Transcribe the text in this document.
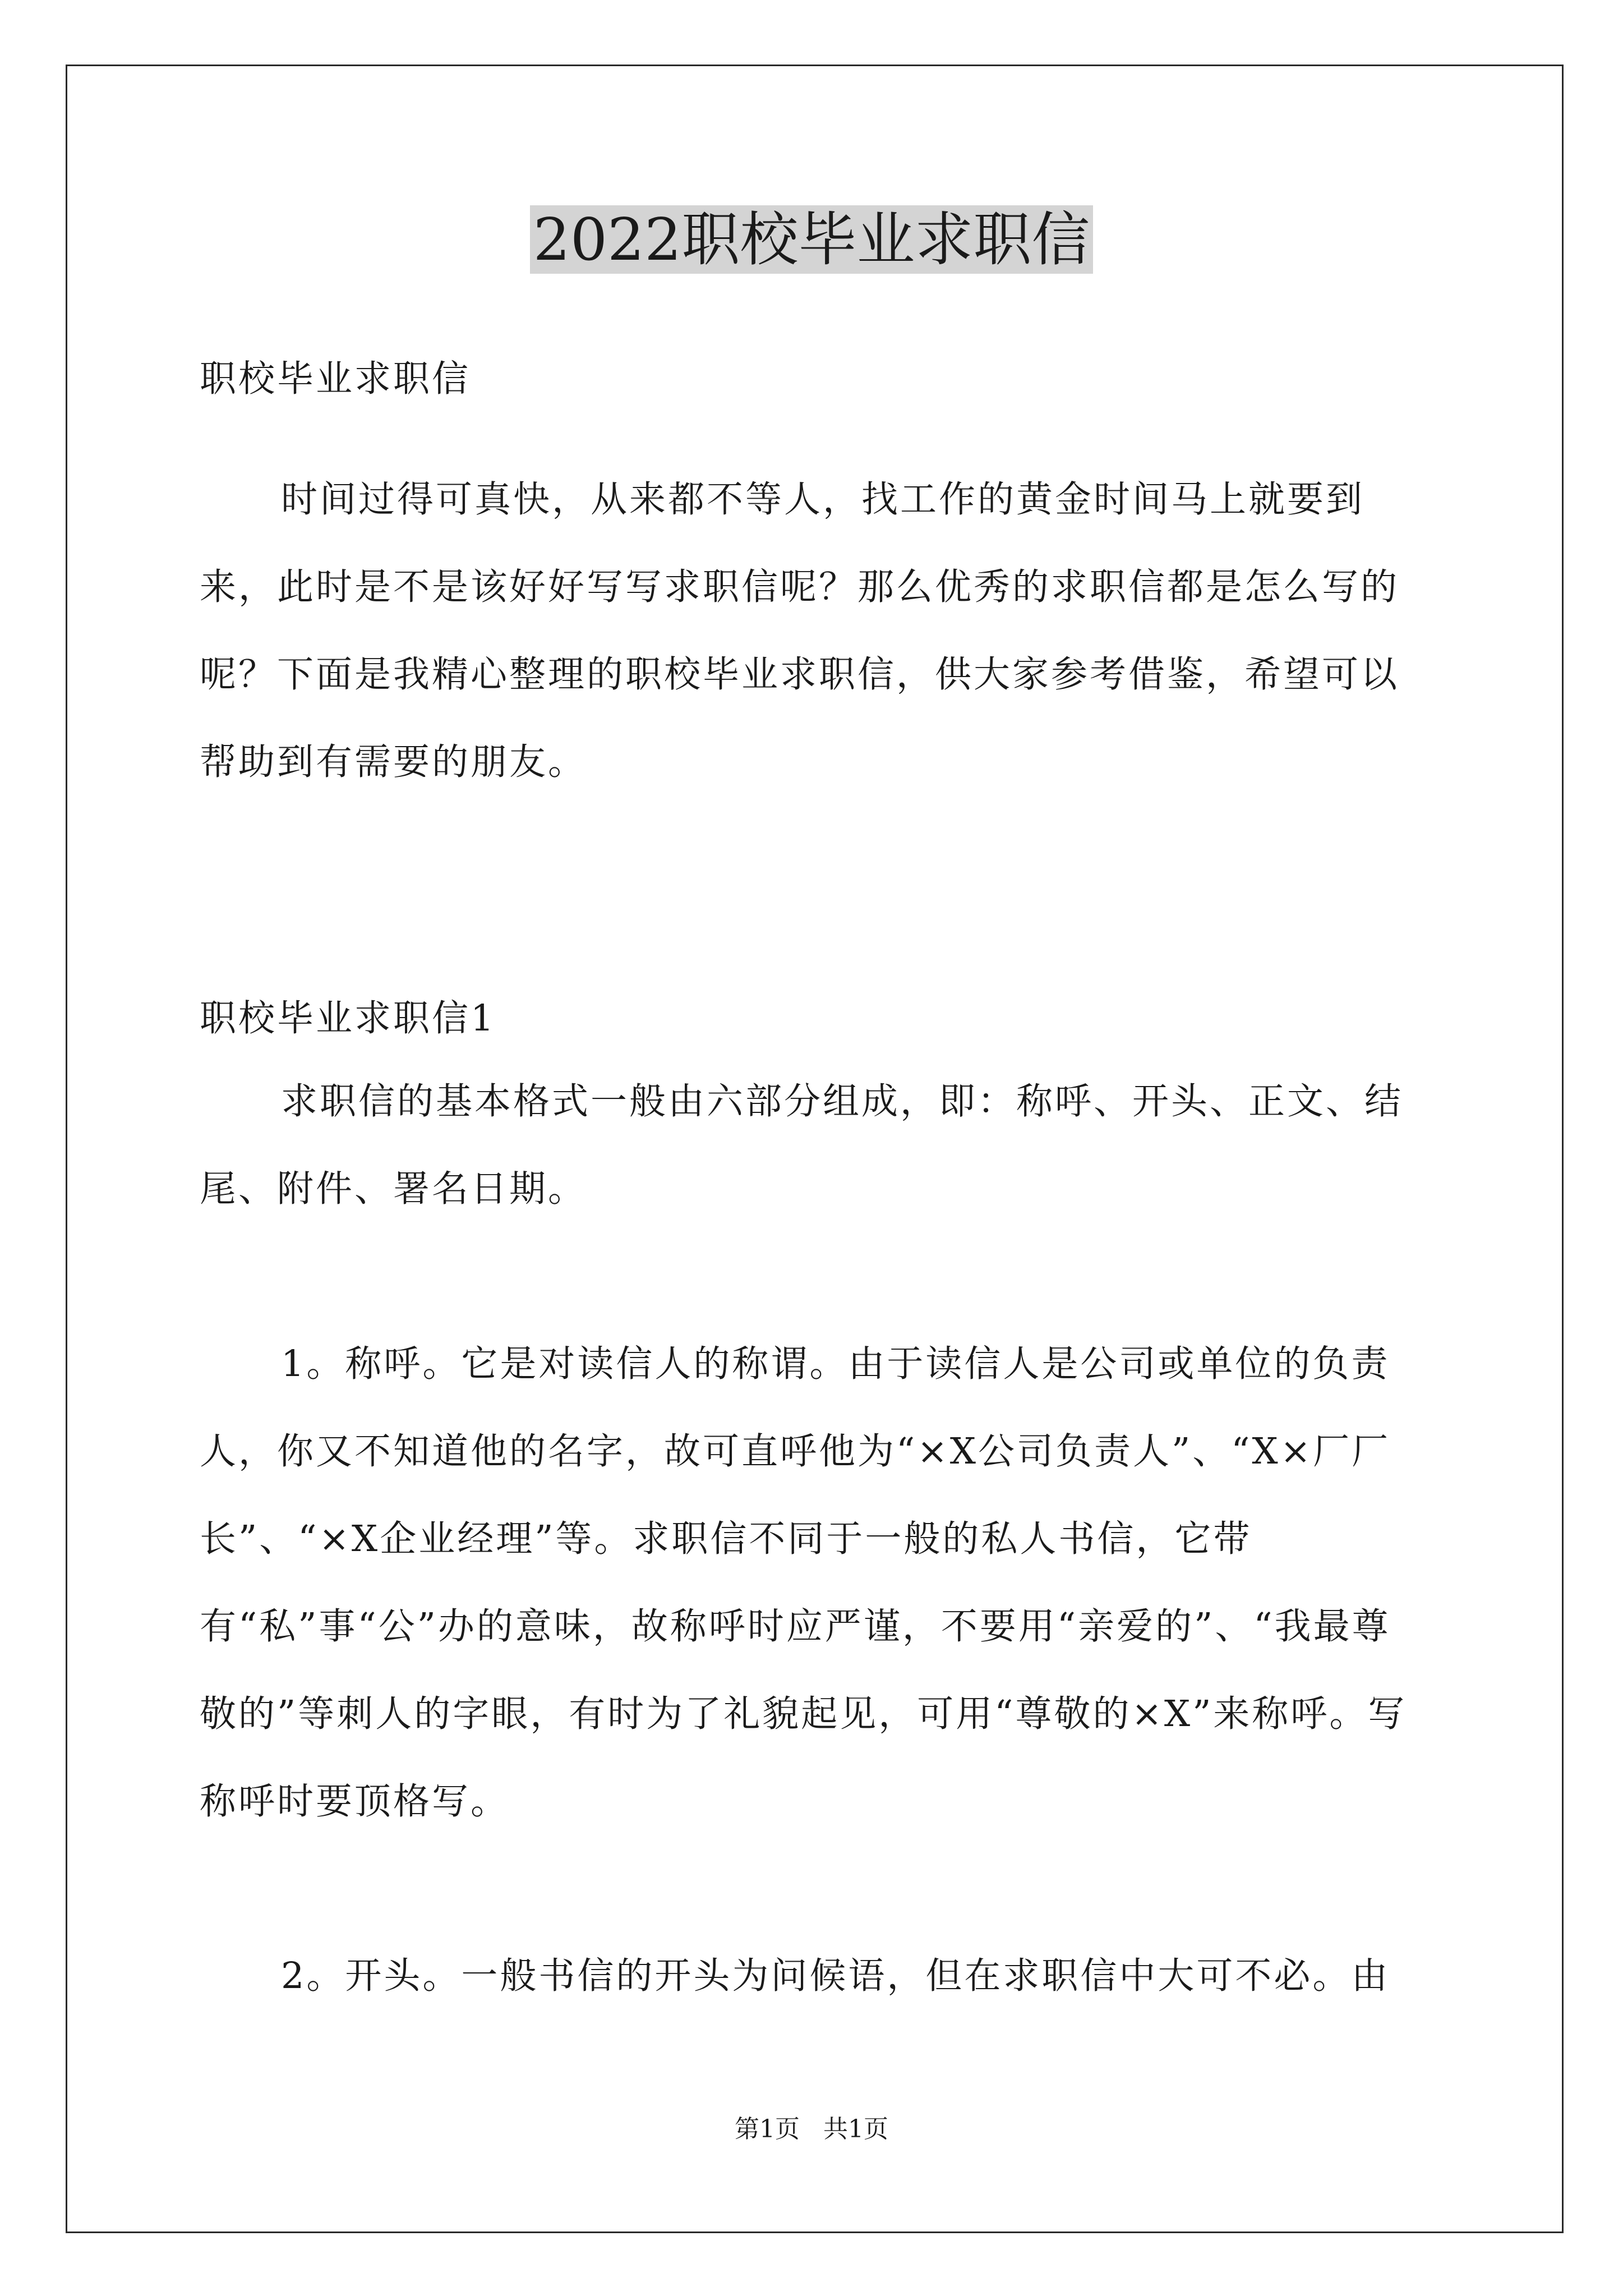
2022职校毕业求职信

职校毕业求职信

时间过得可真快，从来都不等人，找工作的黄金时间马上就要到来，此时是不是该好好写写求职信呢？那么优秀的求职信都是怎么写的呢？下面是我精心整理的职校毕业求职信，供大家参考借鉴，希望可以帮助到有需要的朋友。

职校毕业求职信1

求职信的基本格式一般由六部分组成，即：称呼、开头、正文、结尾、附件、署名日期。

1。称呼。它是对读信人的称谓。由于读信人是公司或单位的负责人，你又不知道他的名字，故可直呼他为“×X公司负责人”、“X×厂厂长”、“×X企业经理”等。求职信不同于一般的私人书信，它带有“私”事“公”办的意味，故称呼时应严谨，不要用“亲爱的”、“我最尊敬的”等刺人的字眼，有时为了礼貌起见，可用“尊敬的×X”来称呼。写称呼时要顶格写。

2。开头。一般书信的开头为问候语，但在求职信中大可不必。由

第1页   共1页
